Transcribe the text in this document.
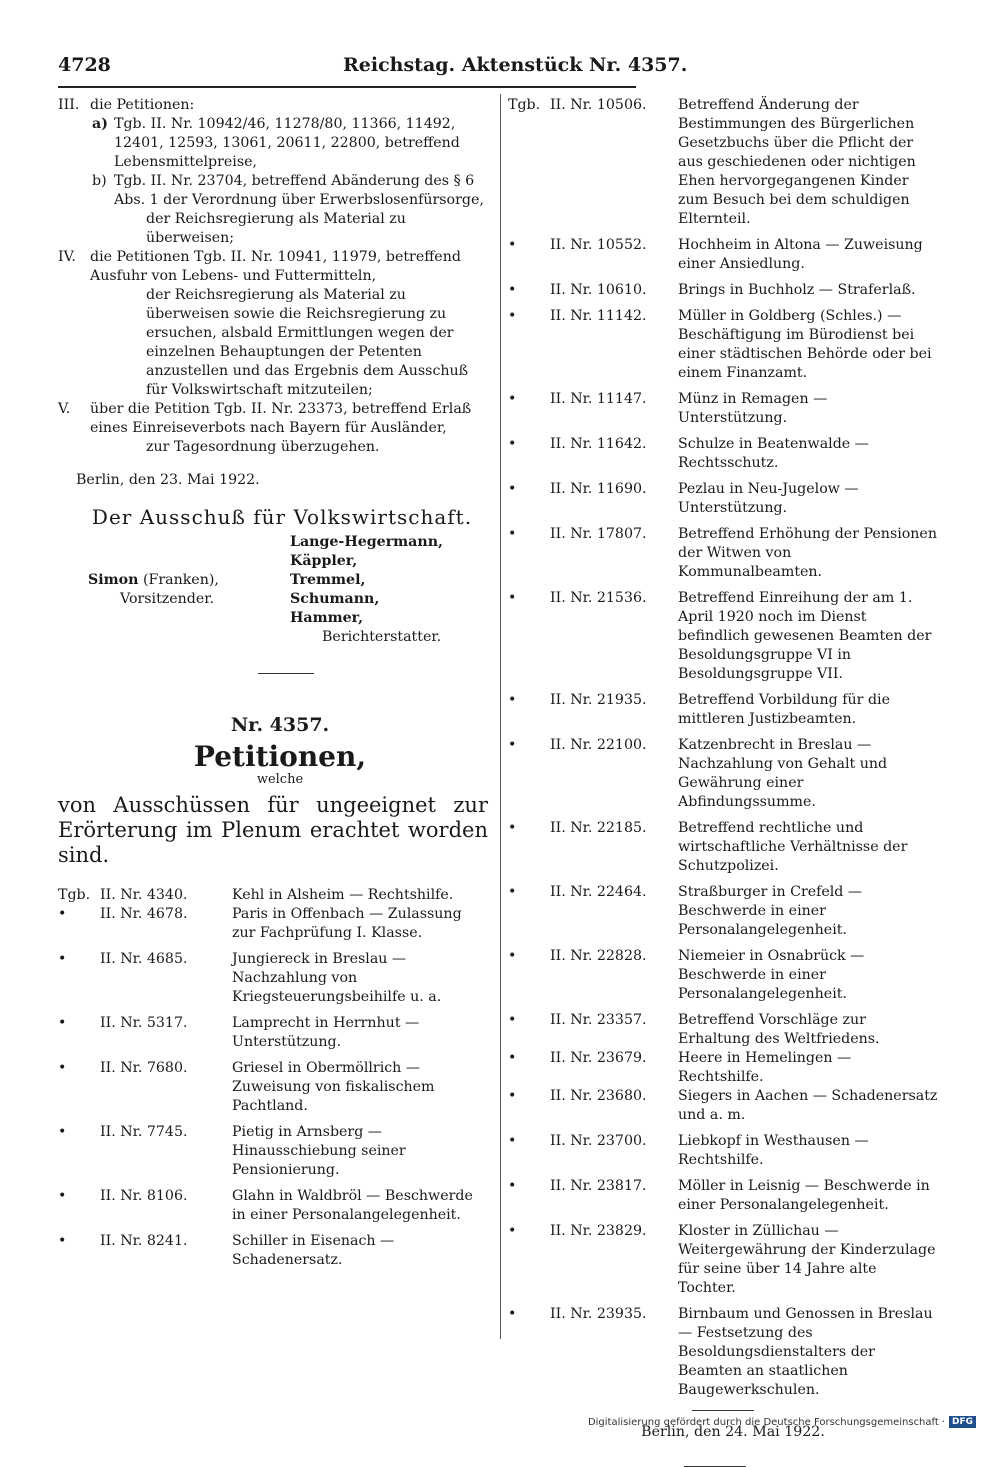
4728	Reichstag. Aktenstück Nr. 4357.
III. die Petitionen:
a) Tgb. II. Nr. 10942/46, 11278/80, 11366, 11492, 12401, 12593, 13061, 20611, 22800, betreffend Lebensmittelpreise,
b) Tgb. II. Nr. 23704, betreffend Abänderung des § 6 Abs. 1 der Verordnung über Erwerbslosenfürsorge,
der Reichsregierung als Material zu überweisen;
IV. die Petitionen Tgb. II. Nr. 10941, 11979, betreffend Ausfuhr von Lebens- und Futtermitteln,
der Reichsregierung als Material zu überweisen sowie die Reichsregierung zu ersuchen, alsbald Ermittlungen wegen der einzelnen Behauptungen der Petenten anzustellen und das Ergebnis dem Ausschuß für Volkswirtschaft mitzuteilen;
V.	über die Petition Tgb. II. Nr. 23373, betreffend Erlaß eines Einreiseverbots nach Bayern für Ausländer,
zur Tagesordnung überzugehen.
Berlin, den 23. Mai 1922.
Der Ausschuß für Volkswirtschaft.
Simon (Franken),
Vorsitzender.
Lange-Hegermann,
Käppler,
Tremmel,
Schumann,
Hammer,
Berichterstatter.
Nr. 4357.
Petitionen,
welche
von Ausschüssen für ungeeignet zur Erörterung im Plenum erachtet worden sind.
Tgb. II. Nr. 4340.	Kehl in Alsheim — Rechtshilfe.
•	II. Nr. 4678.	Paris in Offenbach — Zulassung zur Fachprüfung I. Klasse.
•	II. Nr. 4685.	Jungiereck in Breslau — Nachzahlung von Kriegsteuerungsbeihilfe u. a.
•	II. Nr. 5317.	Lamprecht in Herrnhut — Unterstützung.
•	II. Nr. 7680.	Griesel in Obermöllrich — Zuweisung von fiskalischem Pachtland.
•	II. Nr. 7745.	Pietig in Arnsberg — Hinausschiebung seiner Pensionierung.
•	II. Nr. 8106.	Glahn in Waldbröl — Beschwerde in einer Personalangelegenheit.
•	II. Nr. 8241.	Schiller in Eisenach — Schadenersatz.
Tgb. II. Nr. 10506.	Betreffend Änderung der Bestimmungen des Bürgerlichen Gesetzbuchs über die Pflicht der aus geschiedenen oder nichtigen Ehen hervorgegangenen Kinder zum Besuch bei dem schuldigen Elternteil.
•	II. Nr. 10552.	Hochheim in Altona — Zuweisung einer Ansiedlung.
•	II. Nr. 10610.	Brings in Buchholz — Straferlaß.
•	II. Nr. 11142.	Müller in Goldberg (Schles.) — Beschäftigung im Bürodienst bei einer städtischen Behörde oder bei einem Finanzamt.
•	II. Nr. 11147.	Münz in Remagen — Unterstützung.
•	II. Nr. 11642.	Schulze in Beatenwalde — Rechtsschutz.
•	II. Nr. 11690.	Pezlau in Neu-Jugelow — Unterstützung.
•	II. Nr. 17807.	Betreffend Erhöhung der Pensionen der Witwen von Kommunalbeamten.
•	II. Nr. 21536.	Betreffend Einreihung der am 1. April 1920 noch im Dienst befindlich gewesenen Beamten der Besoldungsgruppe VI in Besoldungsgruppe VII.
•	II. Nr. 21935.	Betreffend Vorbildung für die mittleren Justizbeamten.
•	II. Nr. 22100.	Katzenbrecht in Breslau — Nachzahlung von Gehalt und Gewährung einer Abfindungssumme.
•	II. Nr. 22185.	Betreffend rechtliche und wirtschaftliche Verhältnisse der Schutzpolizei.
•	II. Nr. 22464.	Straßburger in Crefeld — Beschwerde in einer Personalangelegenheit.
•	II. Nr. 22828.	Niemeier in Osnabrück — Beschwerde in einer Personalangelegenheit.
•	II. Nr. 23357.	Betreffend Vorschläge zur Erhaltung des Weltfriedens.
•	II. Nr. 23679.	Heere in Hemelingen — Rechtshilfe.
•	II. Nr. 23680.	Siegers in Aachen — Schadenersatz und a. m.
•	II. Nr. 23700.	Liebkopf in Westhausen — Rechtshilfe.
•	II. Nr. 23817.	Möller in Leisnig — Beschwerde in einer Personalangelegenheit.
•	II. Nr. 23829.	Kloster in Züllichau — Weitergewährung der Kinderzulage für seine über 14 Jahre alte Tochter.
•	II. Nr. 23935.	Birnbaum und Genossen in Breslau — Festsetzung des Besoldungsdienstalters der Beamten an staatlichen Baugewerkschulen.
Berlin, den 24. Mai 1922.
Digitalisierung gefördert durch die Deutsche Forschungsgemeinschaft · DFG
